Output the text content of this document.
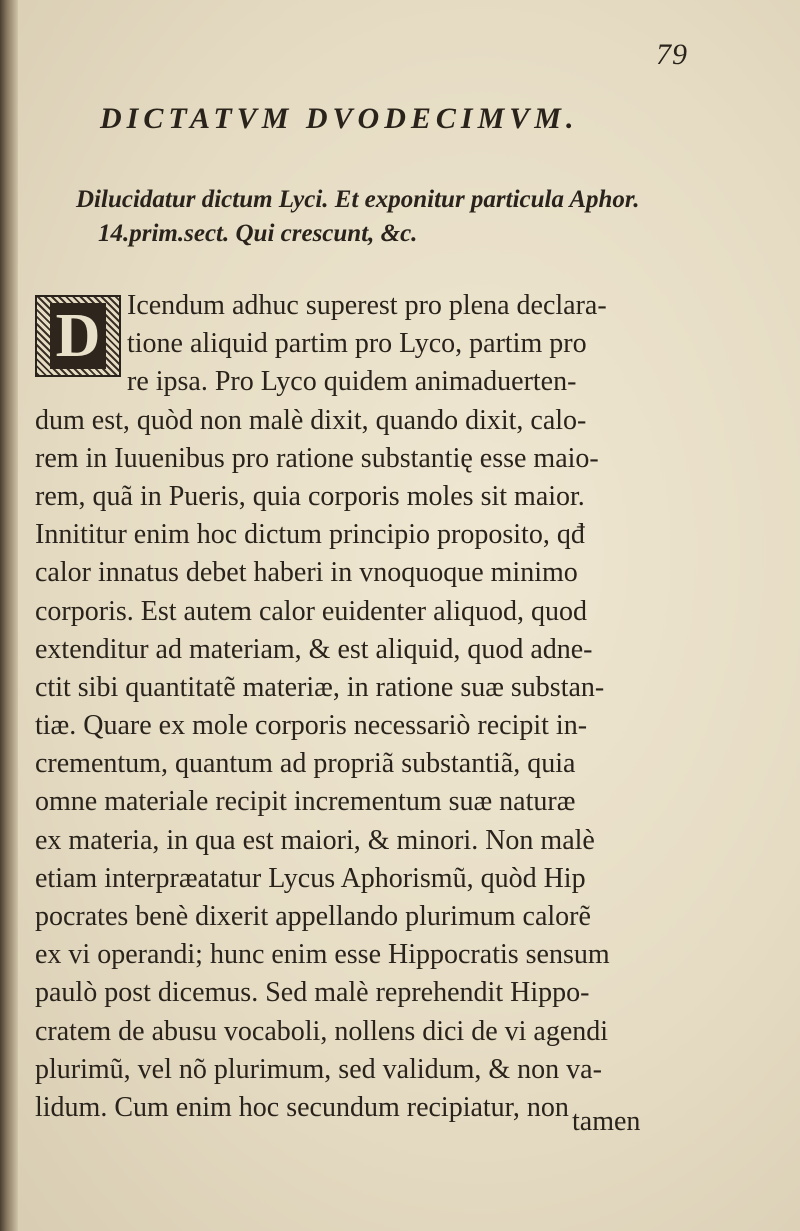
79
DICTATVM DVODECIMVM.
Dilucidatur dictum Lyci. Et exponitur particula Aphor. 14.prim.sect. Qui crescunt, &c.
D Icendum adhuc superest pro plena declara-
tione aliquid partim pro Lyco, partim pro
re ipsa. Pro Lyco quidem animaduerten-
dum est, quòd non malè dixit, quando dixit, calo-
rem in Iuuenibus pro ratione substantię esse maio-
rem, quã in Pueris, quia corporis moles sit maior.
Innititur enim hoc dictum principio proposito, qđ
calor innatus debet haberi in vnoquoque minimo
corporis. Est autem calor euidenter aliquod, quod
extenditur ad materiam, & est aliquid, quod adne-
ctit sibi quantitatẽ materiæ, in ratione suæ substan-
tiæ. Quare ex mole corporis necessariò recipit in-
crementum, quantum ad propriã substantiã, quia
omne materiale recipit incrementum suæ naturæ
ex materia, in qua est maiori, & minori. Non malè
etiam interpræatatur Lycus Aphorismũ, quòd Hip
pocrates benè dixerit appellando plurimum calorẽ
ex vi operandi; hunc enim esse Hippocratis sensum
paulò post dicemus. Sed malè reprehendit Hippo-
cratem de abusu vocaboli, nollens dici de vi agendi
plurimũ, vel nõ plurimum, sed validum, & non va-
lidum. Cum enim hoc secundum recipiatur, non tamen
